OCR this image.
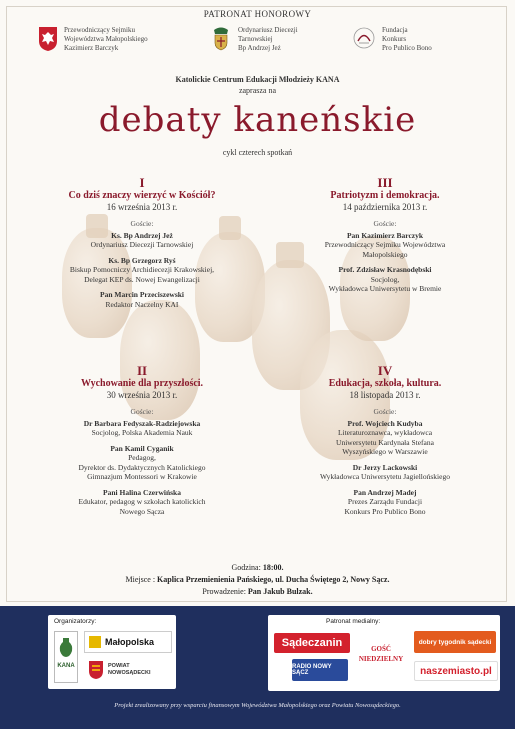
PATRONAT HONOROWY
Przewodniczący Sejmiku
Województwa Małopolskiego
Kazimierz Barczyk
Ordynariusz Diecezji
Tarnowskiej
Bp Andrzej Jeż
Fundacja
Konkurs
Pro Publico Bono
Katolickie Centrum Edukacji Młodzieży KANA
zaprasza na
debaty kaneńskie
cykl czterech spotkań
I
Co dziś znaczy wierzyć w Kościół?
16 września 2013 r.
Goście:
Ks. Bp Andrzej Jeż
Ordynariusz Diecezji Tarnowskiej
Ks. Bp Grzegorz Ryś
Biskup Pomocniczy Archidiecezji Krakowskiej,
Delegat KEP ds. Nowej Ewangelizacji
Pan Marcin Przeciszewski
Redaktor Naczelny KAI
III
Patriotyzm i demokracja.
14 października 2013 r.
Goście:
Pan Kazimierz Barczyk
Przewodniczący Sejmiku Województwa
Małopolskiego
Prof. Zdzisław Krasnodębski
Socjolog,
Wykładowca Uniwersytetu w Bremie
II
Wychowanie dla przyszłości.
30 września 2013 r.
Goście:
Dr Barbara Fedyszak-Radziejowska
Socjolog, Polska Akademia Nauk
Pan Kamil Cyganik
Pedagog,
Dyrektor ds. Dydaktycznych Katolickiego
Gimnazjum Montessori w Krakowie
Pani Halina Czerwińska
Edukator, pedagog w szkołach katolickich
Nowego Sącza
IV
Edukacja, szkoła, kultura.
18 listopada 2013 r.
Goście:
Prof. Wojciech Kudyba
Literaturoznawca, wykładowca
Uniwersytetu Kardynała Stefana
Wyszyńskiego w Warszawie
Dr Jerzy Lackowski
Wykładowca Uniwersytetu Jagiellońskiego
Pan Andrzej Madej
Prezes Zarządu Fundacji
Konkurs Pro Publico Bono
Godzina: 18:00.
Miejsce : Kaplica Przemienienia Pańskiego, ul. Ducha Świętego 2, Nowy Sącz.
Prowadzenie: Pan Jakub Bulzak.
Organizatorzy:
KANA
Małopolska
POWIAT NOWOSĄDECKI
Patronat medialny:
Sądeczanin	GOŚĆ NIEDZIELNY
dobry tygodnik sądecki
RADIO NOWY SĄCZ	naszemiasto.pl
Projekt zrealizowany przy wsparciu finansowym Województwa Małopolskiego oraz Powiatu Nowosądeckiego.
